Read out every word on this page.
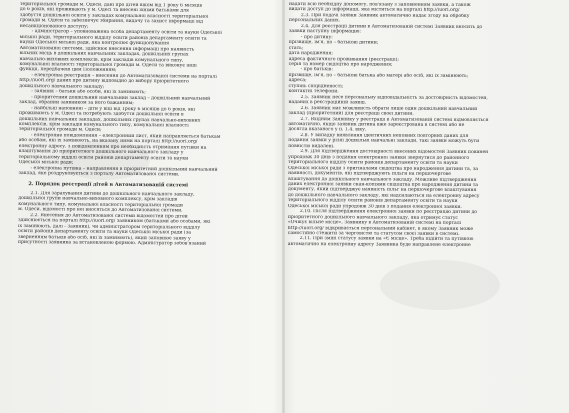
територіальної громади м. Одеси, дані про дітей віком від 1 року 6 місяців

до 6 років, які проживають у м. Одесі та внесені їхніми батьками для

здобуття дошкільної освіти у закладах комунальної власності територіальної

громади м. Одеси та забезпечує збирання, видачу та захист інформації від

несанкціонованого доступу;

- адміністратор – уповноважена особа департаменту освіти та науки Одеської

міської ради, територіального відділу освіти районів департаменту освіти та

науки Одеської міської ради, яка контролює функціонування

Автоматизованої системи, здійснює внесення інформації про наявність

вільних місць в дошкільних навчальних закладах, дошкільних групах

навчально-виховних комплексів, крім закладів комунального типу,

комунальної власності територіальної громади м. Одеси та виконує інші

функції, передбачені цим Положенням;

- електронна реєстрація – внесення до Автоматизованої системи на порталі

http://iuorl.org/ даних про дитину відповідно до вибору пріоритетного

дошкільного навчального закладу;

- заявник – батьки або особи, які їх замінюють;

- пріоритетний дошкільний навчальний заклад – дошкільний навчальний

заклад, обраний заявником за його бажанням;

- найбільш наповнені – діти у віці від 1року 6 місяців до 6 років, які

проживають у м. Одесі та потребують здобуття дошкільної освіти в

дошкільних навчальних закладах, дошкільних групах навчально-виховних

комплексів, крім закладів комунального типу, комунальної власності

територіальної громади м. Одеси;

- електронне повідомлення – електронний лист, який направляється батькам

або особам, які їх замінюють, на вказану ними на порталі http://iuorl.org/

електронну адресу, з повідомленням про необхідність отримання путівки на

влаштування до пріоритетного дошкільного навчального закладу у

територіальному відділі освіти районів департаменту освіти та науки

Одеської міської ради;

- електронна путівка – направлення в пріоритетний дошкільний навчальний

заклад, яке роздруковується з порталу Автоматизованої системи.

2. Порядок реєстрації дітей в Автоматизованій системі

2.1. Для зарахування дитини до дошкільного навчального закладу,

дошкільної групи навчально-виховного комплексу, крім закладів

комунального типу, комунальної власності територіальної громади

м. Одеси, відомості про неї вносяться до Автоматизованої системи.

2.2. Внесення до Автоматизованої системи відомостей про дітей

здійснюється на порталі http://iuorl.org/ заявником (батьками або особами, які

їх замінюють, далі - Заявник), чи адміністратором територіального відділу

освіти районів департаменту освіти та науки Одеської міської ради (за

зверненням батьків або осіб, які їх замінюють), який заповнює заяву у

присутності заявника за встановленою формою. Адміністратор зобов'язаний

надати всю необхідну допомогу, пов'язану з заповненням заявки, а також

видати доступ до інформації, яка міститься на порталі http://iuorl.org/

2.3. При подачі заявки Заявник автоматично надає згоду на обробку

персональних даних.

2.4. Для реєстрації дитини в Автоматизованій системі Заявник вносить до

заявки наступну інформацію:

- про дитину:

прізвище, ім'я, по – батькові дитини;

стать;

дата народження;

адреса фактичного проживання (реєстрації);

серія та номер свідоцтва про народження;

- про батьків:

прізвище, ім'я, по – батькові батька або матері або осіб, які їх замінюють;

адреса;

ступінь спорідненості;

контактні телефони.

2.5. Заявник несе персональну відповідальність за достовірність відомостей,

наданих в реєстраційній заявці.

2.6. Заявник має можливість обрати лише один дошкільний навчальний

заклад (пріоритетний) для реєстрації своєї дитини.

2.7. Вхідним Заявнику у реєстрації в Автоматизованій системі відмовляється

автоматично, якщо заявник дитина вже зареєстрована в системі або не

досягла вказаного у п. 1.4. віку.

2.8. У випадку виявлення ідентичних неповних повторних даних для

подання заявки у різні дошкільні навчальні заклади, такі заявки можуть бути

повністю видалені.

2.9. Для підтвердження достовірності внесених відомостей Заявник повинен

упродовж 30 днів з подання електронної заявки звернутися до районного

територіального відділу освіти районів департаменту освіти та науки

Одеської міської ради з оригіналами свідоцтва про народження дитини та, за

наявності, документів, які підтверджують пільги на першочергове

влаштування до дошкільного навчального закладу. Можливе підтвердження

даних електронної заявки скан-копіями свідоцтва про народження дитини та

документу, який підтверджує наявність пільг на першочергове влаштування

до дошкільного навчального закладу, які надсилаються на електронну адресу

територіального відділу освіти районів департаменту освіти та науки

Одеської міської ради упродовж 30 днів з подання електронної заявки.

2.10. Після підтвердження електронної заявки по реєстрацію дитини до

пріоритетного дошкільного навчального закладу, яка отримує статус

«Очікує вільне місце», Заявнику в Автоматизованій системі на порталі

http://iuorl.org/ відкривається персональний кабінет, в якому Заявник може

самостійно стежити за черговістю та статусом своєї заявки в системі.

2.11. При зміні статусу заявки на «Є місце». Треба підійти та путівкою

автоматично на електронну адресу Заявника буде направлене електронне
